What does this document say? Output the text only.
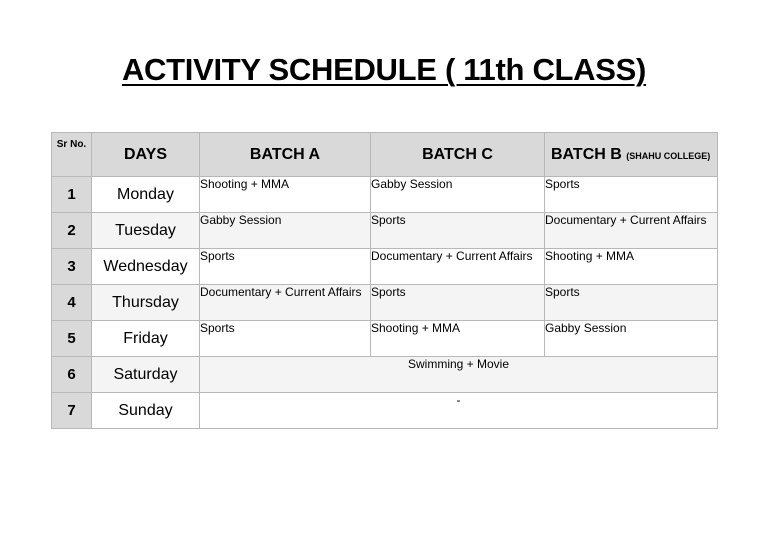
ACTIVITY SCHEDULE ( 11th CLASS)
Sr No.	DAYS	BATCH A	BATCH C	BATCH B (SHAHU COLLEGE)
1	Monday	Shooting + MMA	Gabby Session	Sports
2	Tuesday	Gabby Session	Sports	Documentary + Current Affairs
3	Wednesday	Sports	Documentary + Current Affairs	Shooting + MMA
4	Thursday	Documentary + Current Affairs	Sports	Sports
5	Friday	Sports	Shooting + MMA	Gabby Session
6	Saturday	Swimming + Movie		
7	Sunday	-		
